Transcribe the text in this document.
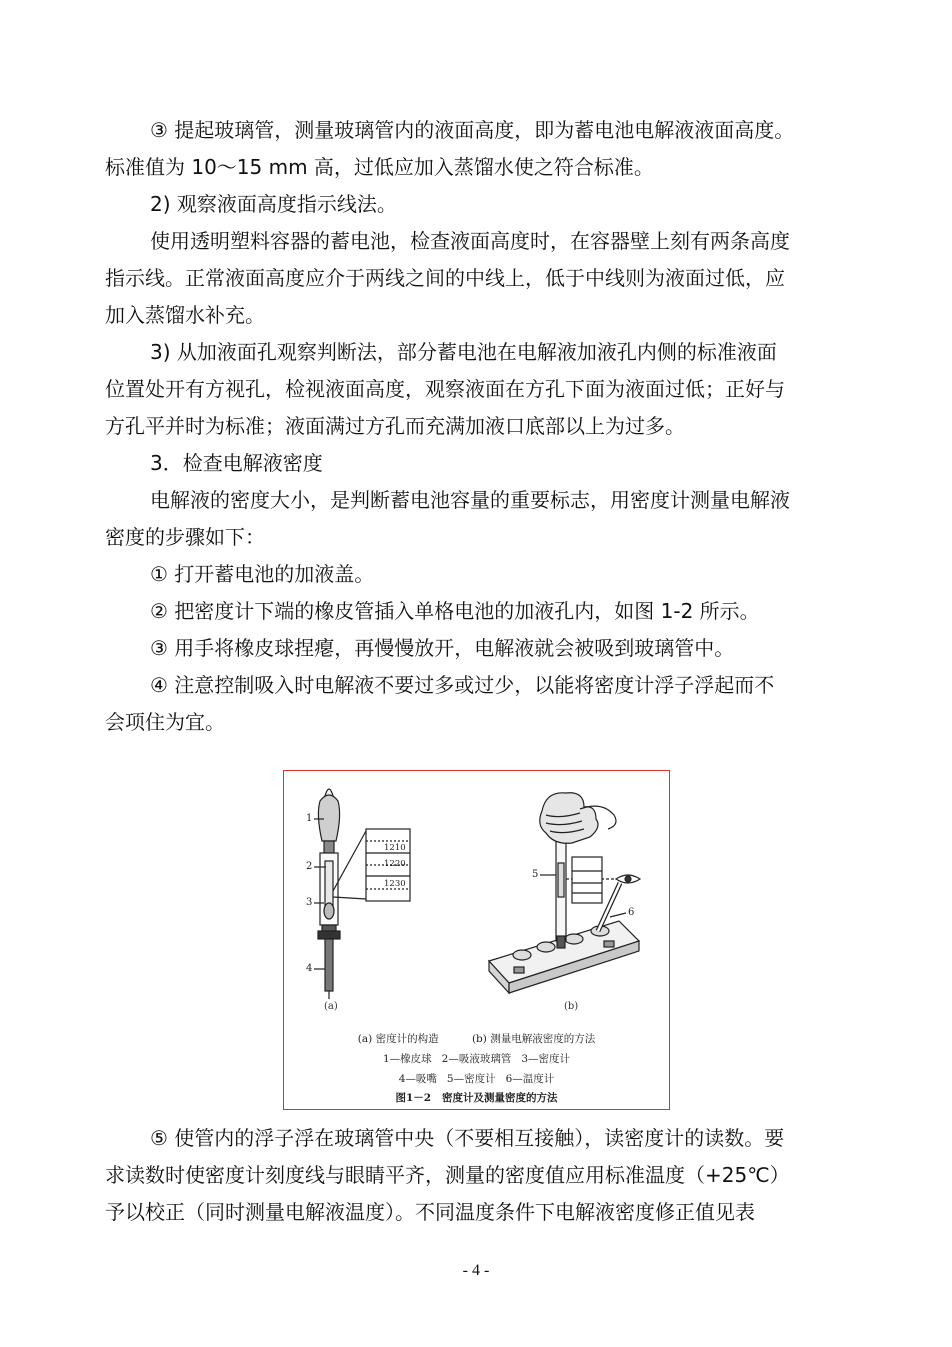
③ 提起玻璃管，测量玻璃管内的液面高度，即为蓄电池电解液液面高度。
标准值为 10～15 mm 高，过低应加入蒸馏水使之符合标准。
2) 观察液面高度指示线法。
使用透明塑料容器的蓄电池，检查液面高度时，在容器壁上刻有两条高度
指示线。正常液面高度应介于两线之间的中线上，低于中线则为液面过低，应
加入蒸馏水补充。
3) 从加液面孔观察判断法，部分蓄电池在电解液加液孔内侧的标准液面
位置处开有方视孔，检视液面高度，观察液面在方孔下面为液面过低；正好与
方孔平并时为标准；液面满过方孔而充满加液口底部以上为过多。
3．检查电解液密度
电解液的密度大小，是判断蓄电池容量的重要标志，用密度计测量电解液
密度的步骤如下：
① 打开蓄电池的加液盖。
② 把密度计下端的橡皮管插入单格电池的加液孔内，如图 1-2 所示。
③ 用手将橡皮球捏瘪，再慢慢放开，电解液就会被吸到玻璃管中。
④ 注意控制吸入时电解液不要过多或过少，以能将密度计浮子浮起而不
会项住为宜。
1210
1220
1230
1
2
3
4
5
6
(a)	(b)
(a) 密度计的构造          (b) 测量电解液密度的方法
1—橡皮球   2—吸液玻璃管   3—密度计
4—吸嘴   5—密度计   6—温度计
图1－2   密度计及测量密度的方法
⑤ 使管内的浮子浮在玻璃管中央（不要相互接触），读密度计的读数。要
求读数时使密度计刻度线与眼睛平齐，测量的密度值应用标准温度（+25℃）
予以校正（同时测量电解液温度）。不同温度条件下电解液密度修正值见表
- 4 -
